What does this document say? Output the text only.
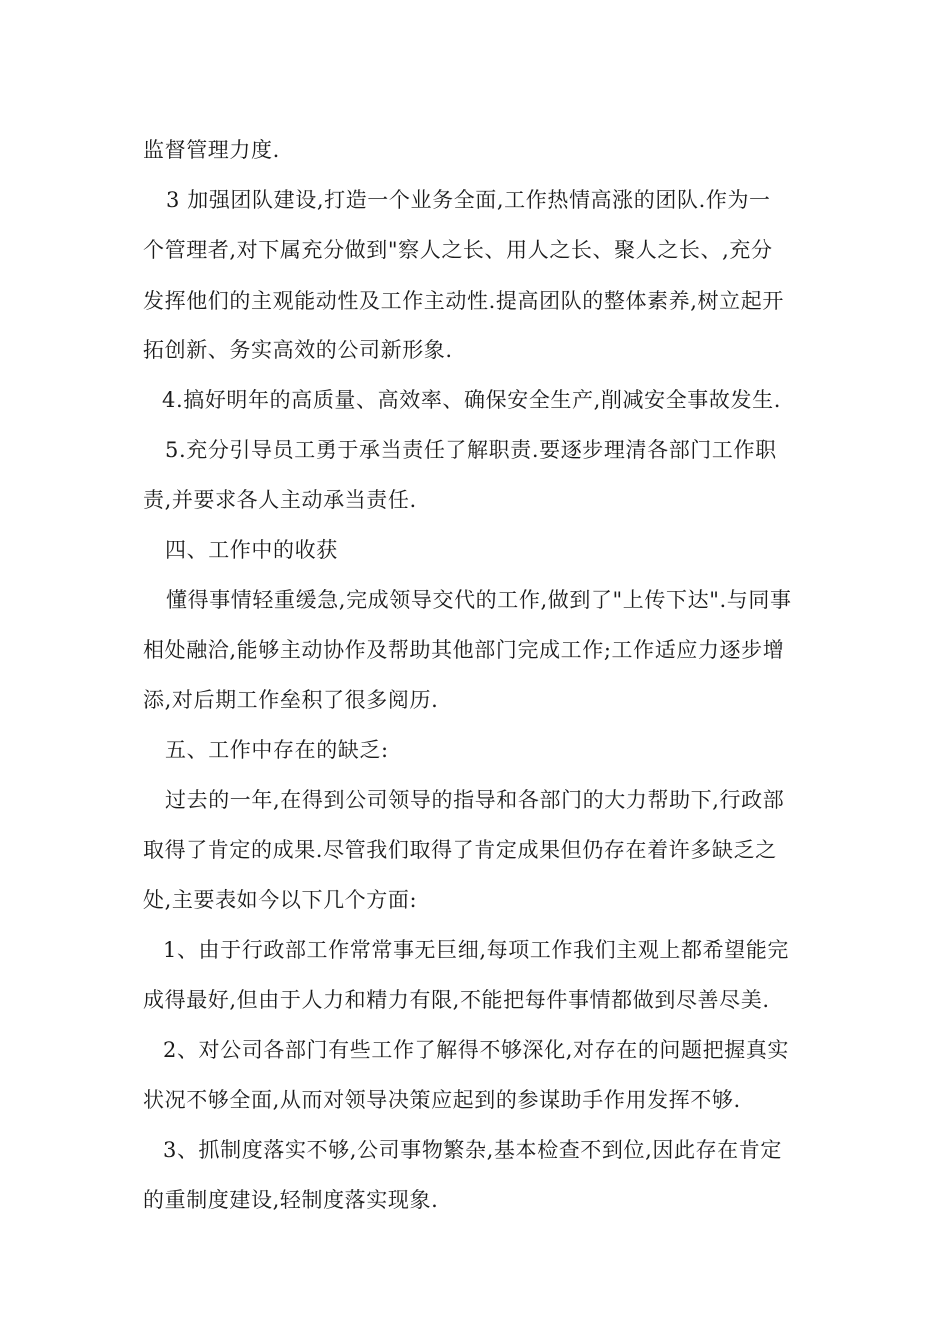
监督管理力度.
3 加强团队建设,打造一个业务全面,工作热情高涨的团队.作为一
个管理者,对下属充分做到"察人之长、用人之长、聚人之长、,充分
发挥他们的主观能动性及工作主动性.提高团队的整体素养,树立起开
拓创新、务实高效的公司新形象.
4.搞好明年的高质量、高效率、确保安全生产,削减安全事故发生.
5.充分引导员工勇于承当责任了解职责.要逐步理清各部门工作职
责,并要求各人主动承当责任.
四、工作中的收获
懂得事情轻重缓急,完成领导交代的工作,做到了"上传下达".与同事
相处融洽,能够主动协作及帮助其他部门完成工作;工作适应力逐步增
添,对后期工作垒积了很多阅历.
五、工作中存在的缺乏:
过去的一年,在得到公司领导的指导和各部门的大力帮助下,行政部
取得了肯定的成果.尽管我们取得了肯定成果但仍存在着许多缺乏之
处,主要表如今以下几个方面:
1、由于行政部工作常常事无巨细,每项工作我们主观上都希望能完
成得最好,但由于人力和精力有限,不能把每件事情都做到尽善尽美.
2、对公司各部门有些工作了解得不够深化,对存在的问题把握真实
状况不够全面,从而对领导决策应起到的参谋助手作用发挥不够.
3、抓制度落实不够,公司事物繁杂,基本检查不到位,因此存在肯定
的重制度建设,轻制度落实现象.
